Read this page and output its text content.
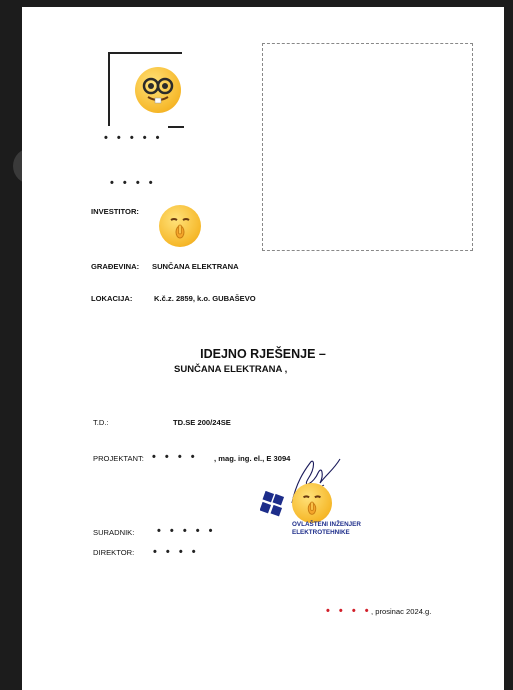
• • • • •
• • • •
INVESTITOR:
GRAĐEVINA: SUNČANA ELEKTRANA
LOKACIJA:	K.č.z. 2859, k.o. GUBAŠEVO
IDEJNO RJEŠENJE –
SUNČANA ELEKTRANA ,
T.D.:	TD.SE 200/24SE
PROJEKTANT: • • • • , mag. ing. el., E 3094
OVLAŠTENI INŽENJER
ELEKTROTEHNIKE
SURADNIK: • • • • •
DIREKTOR: • • • •
• • • • , prosinac 2024.g.
